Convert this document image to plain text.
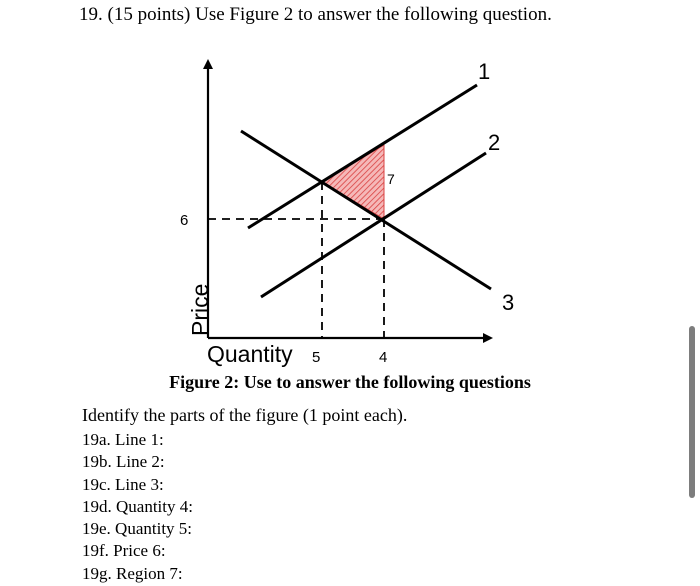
19. (15 points) Use Figure 2 to answer the following question.
1
2
3
6
7
Price
Quantity 5	4
Figure 2: Use to answer the following questions
Identify the parts of the figure (1 point each).
19a. Line 1:
19b. Line 2:
19c. Line 3:
19d. Quantity 4:
19e. Quantity 5:
19f. Price 6:
19g. Region 7:
